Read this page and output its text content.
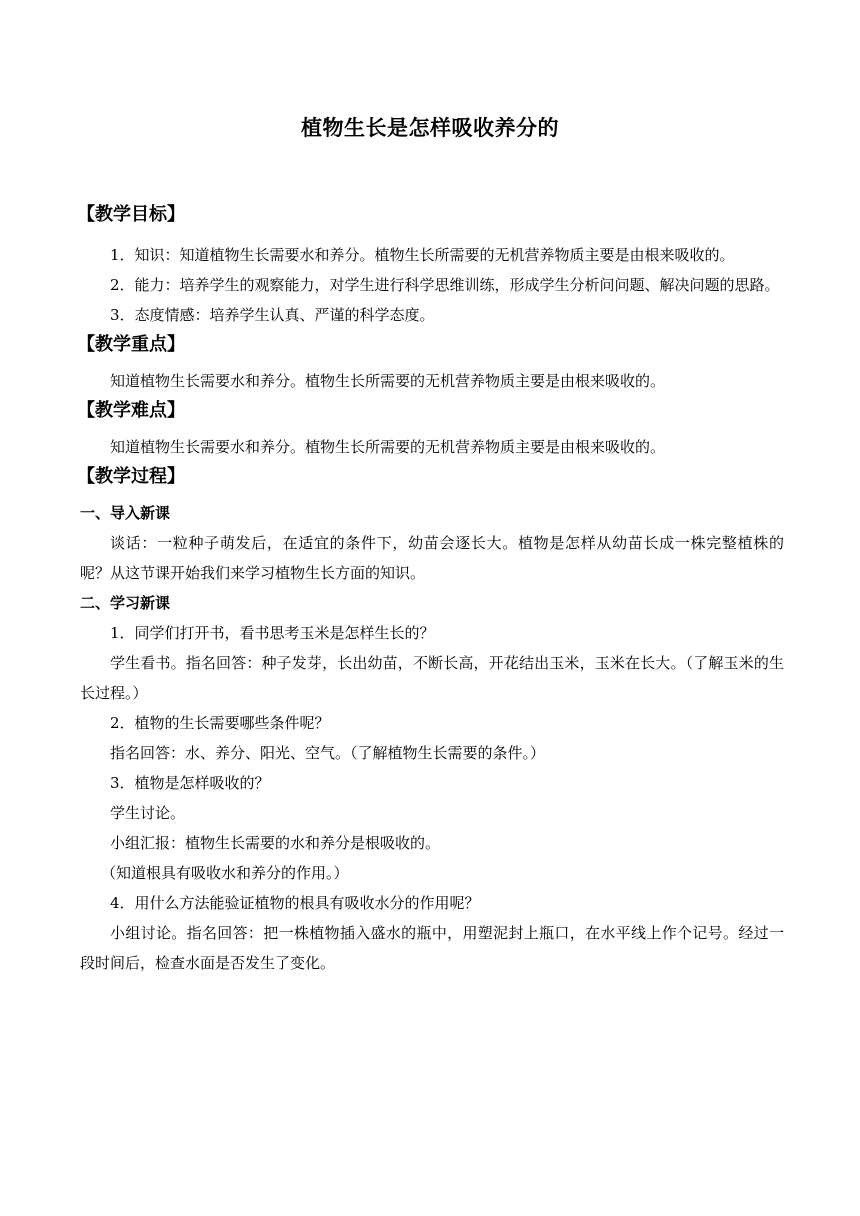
植物生长是怎样吸收养分的
【教学目标】

1．知识：知道植物生长需要水和养分。植物生长所需要的无机营养物质主要是由根来吸收的。

2．能力：培养学生的观察能力，对学生进行科学思维训练，形成学生分析问问题、解决问题的思路。

3．态度情感：培养学生认真、严谨的科学态度。

【教学重点】

知道植物生长需要水和养分。植物生长所需要的无机营养物质主要是由根来吸收的。

【教学难点】

知道植物生长需要水和养分。植物生长所需要的无机营养物质主要是由根来吸收的。

【教学过程】
一、导入新课

谈话：一粒种子萌发后，在适宜的条件下，幼苗会逐长大。植物是怎样从幼苗长成一株完整植株的呢？从这节课开始我们来学习植物生长方面的知识。

二、学习新课

1．同学们打开书，看书思考玉米是怎样生长的？

学生看书。指名回答：种子发芽，长出幼苗，不断长高，开花结出玉米，玉米在长大。（了解玉米的生长过程。）

2．植物的生长需要哪些条件呢？

指名回答：水、养分、阳光、空气。（了解植物生长需要的条件。）

3．植物是怎样吸收的？

学生讨论。

小组汇报：植物生长需要的水和养分是根吸收的。

（知道根具有吸收水和养分的作用。）

4．用什么方法能验证植物的根具有吸收水分的作用呢？

小组讨论。指名回答：把一株植物插入盛水的瓶中，用塑泥封上瓶口，在水平线上作个记号。经过一段时间后，检查水面是否发生了变化。
